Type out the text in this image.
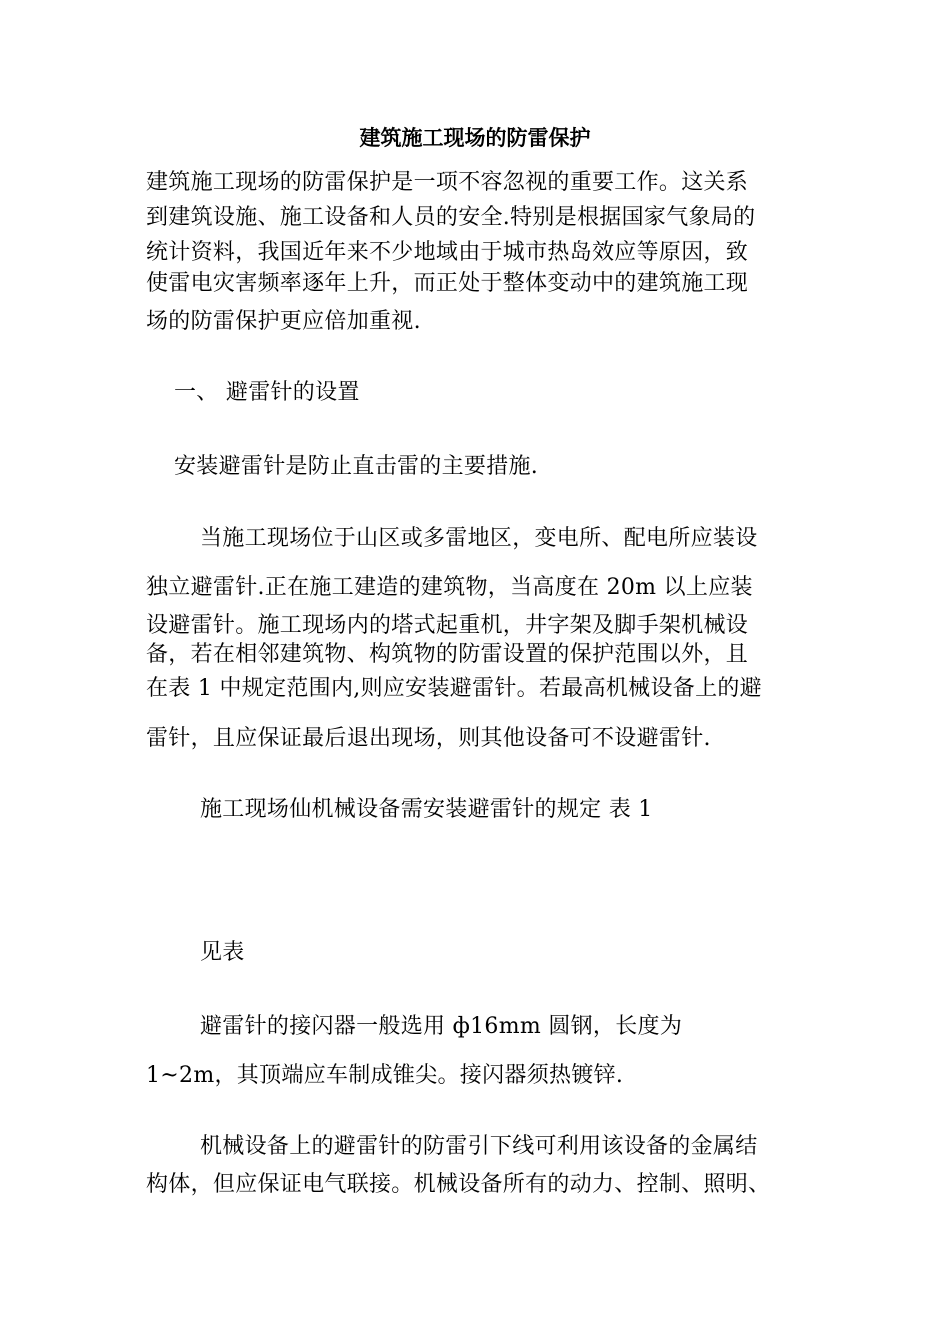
建筑施工现场的防雷保护
建筑施工现场的防雷保护是一项不容忽视的重要工作。这关系
到建筑设施、施工设备和人员的安全.特别是根据国家气象局的
统计资料，我国近年来不少地域由于城市热岛效应等原因，致
使雷电灾害频率逐年上升，而正处于整体变动中的建筑施工现
场的防雷保护更应倍加重视.
一、 避雷针的设置
安装避雷针是防止直击雷的主要措施.
当施工现场位于山区或多雷地区，变电所、配电所应装设
独立避雷针.正在施工建造的建筑物，当高度在 20m 以上应装
设避雷针。施工现场内的塔式起重机，井字架及脚手架机械设
备，若在相邻建筑物、构筑物的防雷设置的保护范围以外，且
在表 1 中规定范围内,则应安装避雷针。若最高机械设备上的避
雷针，且应保证最后退出现场，则其他设备可不设避雷针.
施工现场仙机械设备需安装避雷针的规定 表 1
见表
避雷针的接闪器一般选用 ф16mm 圆钢，长度为
1~2m，其顶端应车制成锥尖。接闪器须热镀锌.
机械设备上的避雷针的防雷引下线可利用该设备的金属结
构体，但应保证电气联接。机械设备所有的动力、控制、照明、
